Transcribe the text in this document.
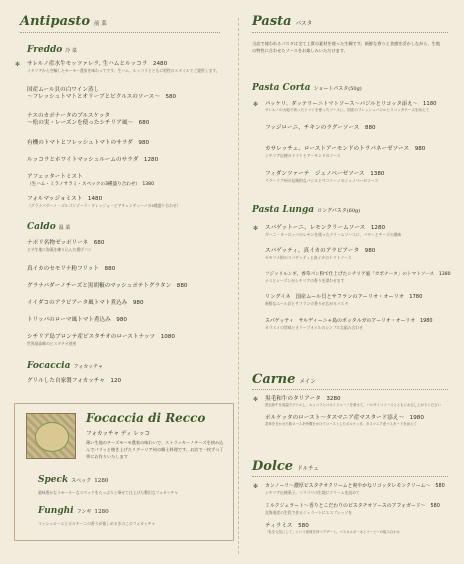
Antipasto 前 菜
Freddo 冷 菜
✻ サレルノ産水牛モッツァレラ, 生ハムとルッコラ　2480
イタリアから空輸したモーモー農家を味わってです。生ハム、ルッコラとともに相性のスタイルでご提供します。
国産ムール貝の白ワイン蒸し
～フレッシュトマトとオリーブとピクルスのソース～　580
ナスのカポナータのブルスケッタ
～松の実・レーズンを使ったシチリア風～　680
有機のトマトとフレッシュトマトのサラダ　980
ルッコラとホワイトマッシュルームのサラダ　1280
アフェッタートミスト
（生ハム・ミラノサラミ・スペックの3種盛り合わせ）　1380
フォルマッジョミスト　1480
（グラナパダーノ・ゴルゴンゾーラ・タレッジョ・ピアチェンティーノの4種盛り合わせ）
Caldo 温 菜
ナポリ名物ゼッポリーネ　680
ピザ生地に海藻を練り込んだ揚げパン
真イカのセモリナ粉フリット　880
グラナパダーノチーズと黒胡椒のマッシュポテトグラタン　880
イイダコのアラビアータ風トマト煮込み　980
トリッパのローマ風トマト煮込み　980
シチリア島ブロンテ産ピスタチオのローストナッツ　1080
世界最高峰のピスタチオ使用
Focaccia フォカッチャ
グリルした自家製フォカッチャ　120
Focaccia di Recco
フォカッチャ ディ レッコ
薄い生地のチーズモーモ農家の味わいで、ストラッキーノチーズを挟み込んでパリッと焼き上げたリグーリア州の郷土料理です。お店で一枚ずつ丁寧にお作りいたします
Speck スペック 1280
風味豊かなスモーキーなスペックをたっぷりと乗せて仕上げた贅沢なフォカッチャ
Funghi フンギ 1280
マッシュルームとポルチーニの香りが楽しめるきのこのフォカッチャ
Pasta パスタ
当店で使われるパスタは全て上質の素材を使った生麺です。新鮮な香りと食感を活かしながら、生地の特性に合わせたソースをお楽しみいただけます。
Pasta Corta ショートパスタ(50g)
✻ パッケリ、ダッテリーニトマトソース～バジルとリコッタ添え～　1180
サレルノの大地で育ったトマトを使ったソースに、国産のフレッシュバジルとリコッタチーズを添えて
フッジローニ、チキンのラグーソース　880
カサレッチェ、ローストアーモンドのトラパネーゼソース　980
シチリア伝統のトマトとアーモンドのソース
フィダンツァーテ　ジェノベーゼソース　1380
リグーリア州の伝統的なバジルとペコリーノのジェノベーゼソース
Pasta Lunga ロングパスタ(60g)
✻ スパゲットーニ、レモンクリームソース　1280
ダーニ・ヨーロッパのレモンを使ったクリームソースに、バターとチーズの風味
スパゲッティ、真イカのアラビアータ　980
セモリナ粉のスパゲッティと真イカのトマトソース
フジッリルンギ、香草パン粉で仕上げたシチリア風「カポナータ」のトマトソース　1380
ナスとレーズンがシチリアの香りを漂わせます
リングイネ　国産ムール貝とサフランのアーリオ・オーリオ　1780
新鮮なムール貝とサフランの香りが広がるパスタ
スパゲッティ　サルディーニャ島のボッタルガのアーリオ・オーリオ　1980
カラスミの旨味とオリーブオイルのシンプルな組み合わせ
Carne メイン
✻ 黒毛和牛のタリアータ　3280
黒毛和牛を高温でグリルし、ルッコラとパルミジャーノを乗せて、バルサミコソースとともにお召し上がりください
ポルケッタのロースト〜タスマニア産マスタード添え〜　1980
香草をきかせた豚ロースを時間をかけてローストしたポルケッタ。タスマニア産マスタードを添えて
Dolce ドルチェ
✻ カンノーリ～濃厚ピスタチオクリームと爽やかなリコッタレモンクリーム～　580
シチリア伝統菓子。パリパリの生地にクリームを詰めて
ミルクジェラート～香りとこだわりのピスタチオソースのアフォガード～　580
北海道産の生乳で作るジェラートにエスプレッソを
ティラミス　580
「私を元気にして」という意味を持つデザート。マスカルポーネとコーヒーの組み合わせ
